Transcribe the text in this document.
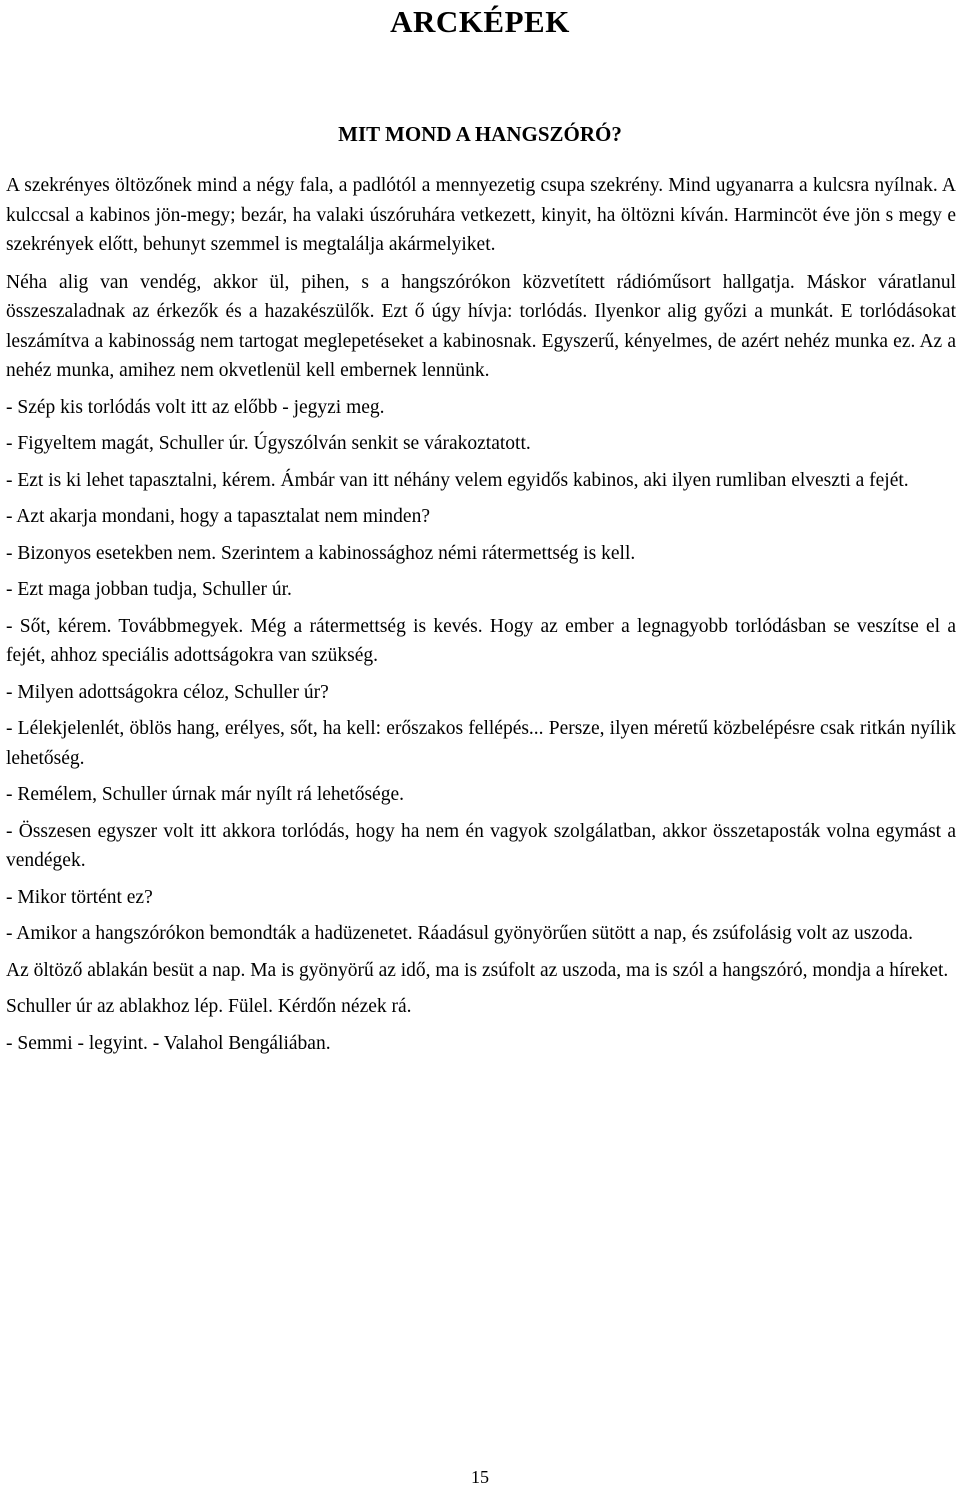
ARCKÉPEK
MIT MOND A HANGSZÓRÓ?

A szekrényes öltözőnek mind a négy fala, a padlótól a mennyezetig csupa szekrény. Mind ugyanarra a kulcsra nyílnak. A kulccsal a kabinos jön-megy; bezár, ha valaki úszóruhára vetkezett, kinyit, ha öltözni kíván. Harmincöt éve jön s megy e szekrények előtt, behunyt szemmel is megtalálja akármelyiket.

Néha alig van vendég, akkor ül, pihen, s a hangszórókon közvetített rádióműsort hallgatja. Máskor váratlanul összeszaladnak az érkezők és a hazakészülők. Ezt ő úgy hívja: torlódás. Ilyenkor alig győzi a munkát. E torlódásokat leszámítva a kabinosság nem tartogat meglepetéseket a kabinosnak. Egyszerű, kényelmes, de azért nehéz munka ez. Az a nehéz munka, amihez nem okvetlenül kell embernek lennünk.

- Szép kis torlódás volt itt az előbb - jegyzi meg.

- Figyeltem magát, Schuller úr. Úgyszólván senkit se várakoztatott.

- Ezt is ki lehet tapasztalni, kérem. Ámbár van itt néhány velem egyidős kabinos, aki ilyen rumliban elveszti a fejét.

- Azt akarja mondani, hogy a tapasztalat nem minden?

- Bizonyos esetekben nem. Szerintem a kabinossághoz némi rátermettség is kell.

- Ezt maga jobban tudja, Schuller úr.

- Sőt, kérem. Továbbmegyek. Még a rátermettség is kevés. Hogy az ember a legnagyobb torlódásban se veszítse el a fejét, ahhoz speciális adottságokra van szükség.

- Milyen adottságokra céloz, Schuller úr?

- Lélekjelenlét, öblös hang, erélyes, sőt, ha kell: erőszakos fellépés... Persze, ilyen méretű közbelépésre csak ritkán nyílik lehetőség.

- Remélem, Schuller úrnak már nyílt rá lehetősége.

- Összesen egyszer volt itt akkora torlódás, hogy ha nem én vagyok szolgálatban, akkor összetaposták volna egymást a vendégek.

- Mikor történt ez?

- Amikor a hangszórókon bemondták a hadüzenetet. Ráadásul gyönyörűen sütött a nap, és zsúfolásig volt az uszoda.

Az öltöző ablakán besüt a nap. Ma is gyönyörű az idő, ma is zsúfolt az uszoda, ma is szól a hangszóró, mondja a híreket.

Schuller úr az ablakhoz lép. Fülel. Kérdőn nézek rá.

- Semmi - legyint. - Valahol Bengáliában.

15
